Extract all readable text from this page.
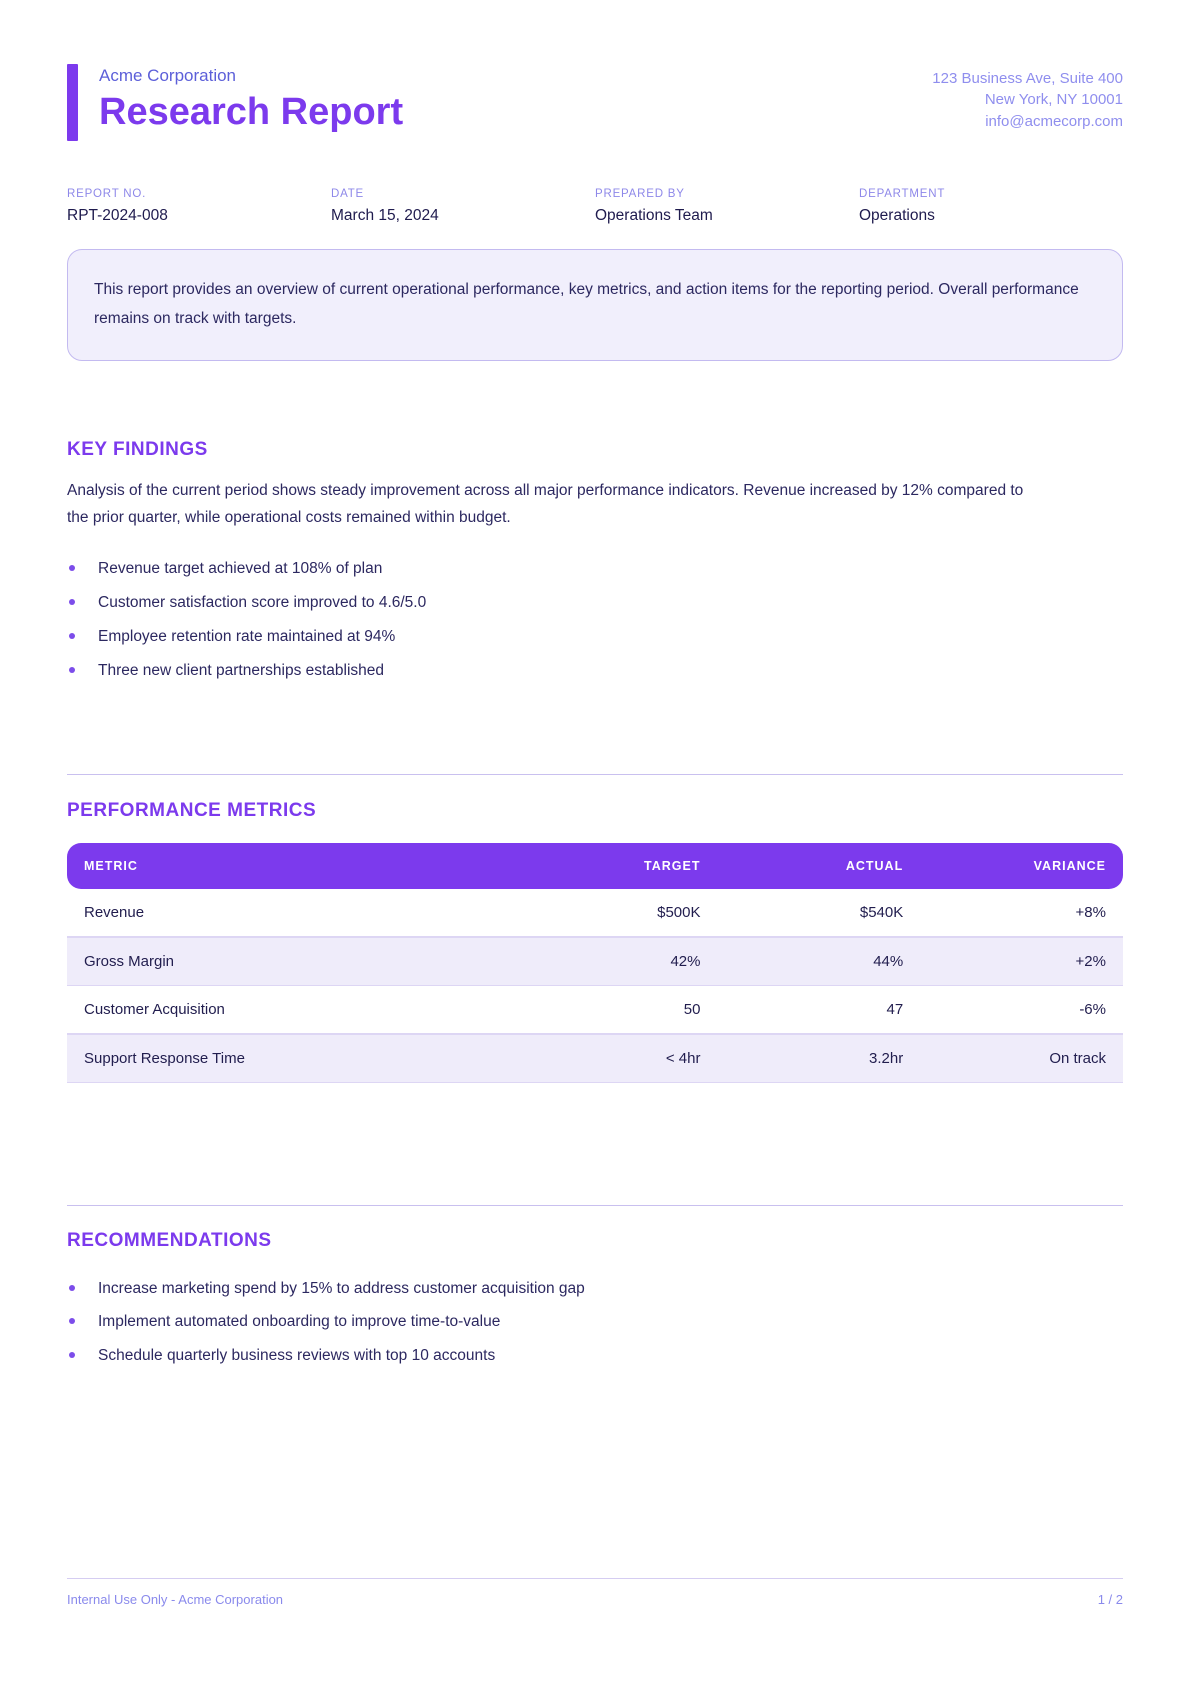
Acme Corporation
Research Report
123 Business Ave, Suite 400
New York, NY 10001
info@acmecorp.com
REPORT NO.
RPT-2024-008
DATE
March 15, 2024
PREPARED BY
Operations Team
DEPARTMENT
Operations
This report provides an overview of current operational performance, key metrics, and action items for the reporting period. Overall performance remains on track with targets.
KEY FINDINGS

Analysis of the current period shows steady improvement across all major performance indicators. Revenue increased by 12% compared to the prior quarter, while operational costs remained within budget.

Revenue target achieved at 108% of plan
Customer satisfaction score improved to 4.6/5.0
Employee retention rate maintained at 94%
Three new client partnerships established
PERFORMANCE METRICS
METRIC	TARGET	ACTUAL	VARIANCE
Revenue	$500K	$540K	+8%
Gross Margin	42%	44%	+2%
Customer Acquisition	50	47	-6%
Support Response Time	< 4hr	3.2hr	On track
RECOMMENDATIONS
Increase marketing spend by 15% to address customer acquisition gap
Implement automated onboarding to improve time-to-value
Schedule quarterly business reviews with top 10 accounts
Internal Use Only - Acme Corporation	1 / 2
